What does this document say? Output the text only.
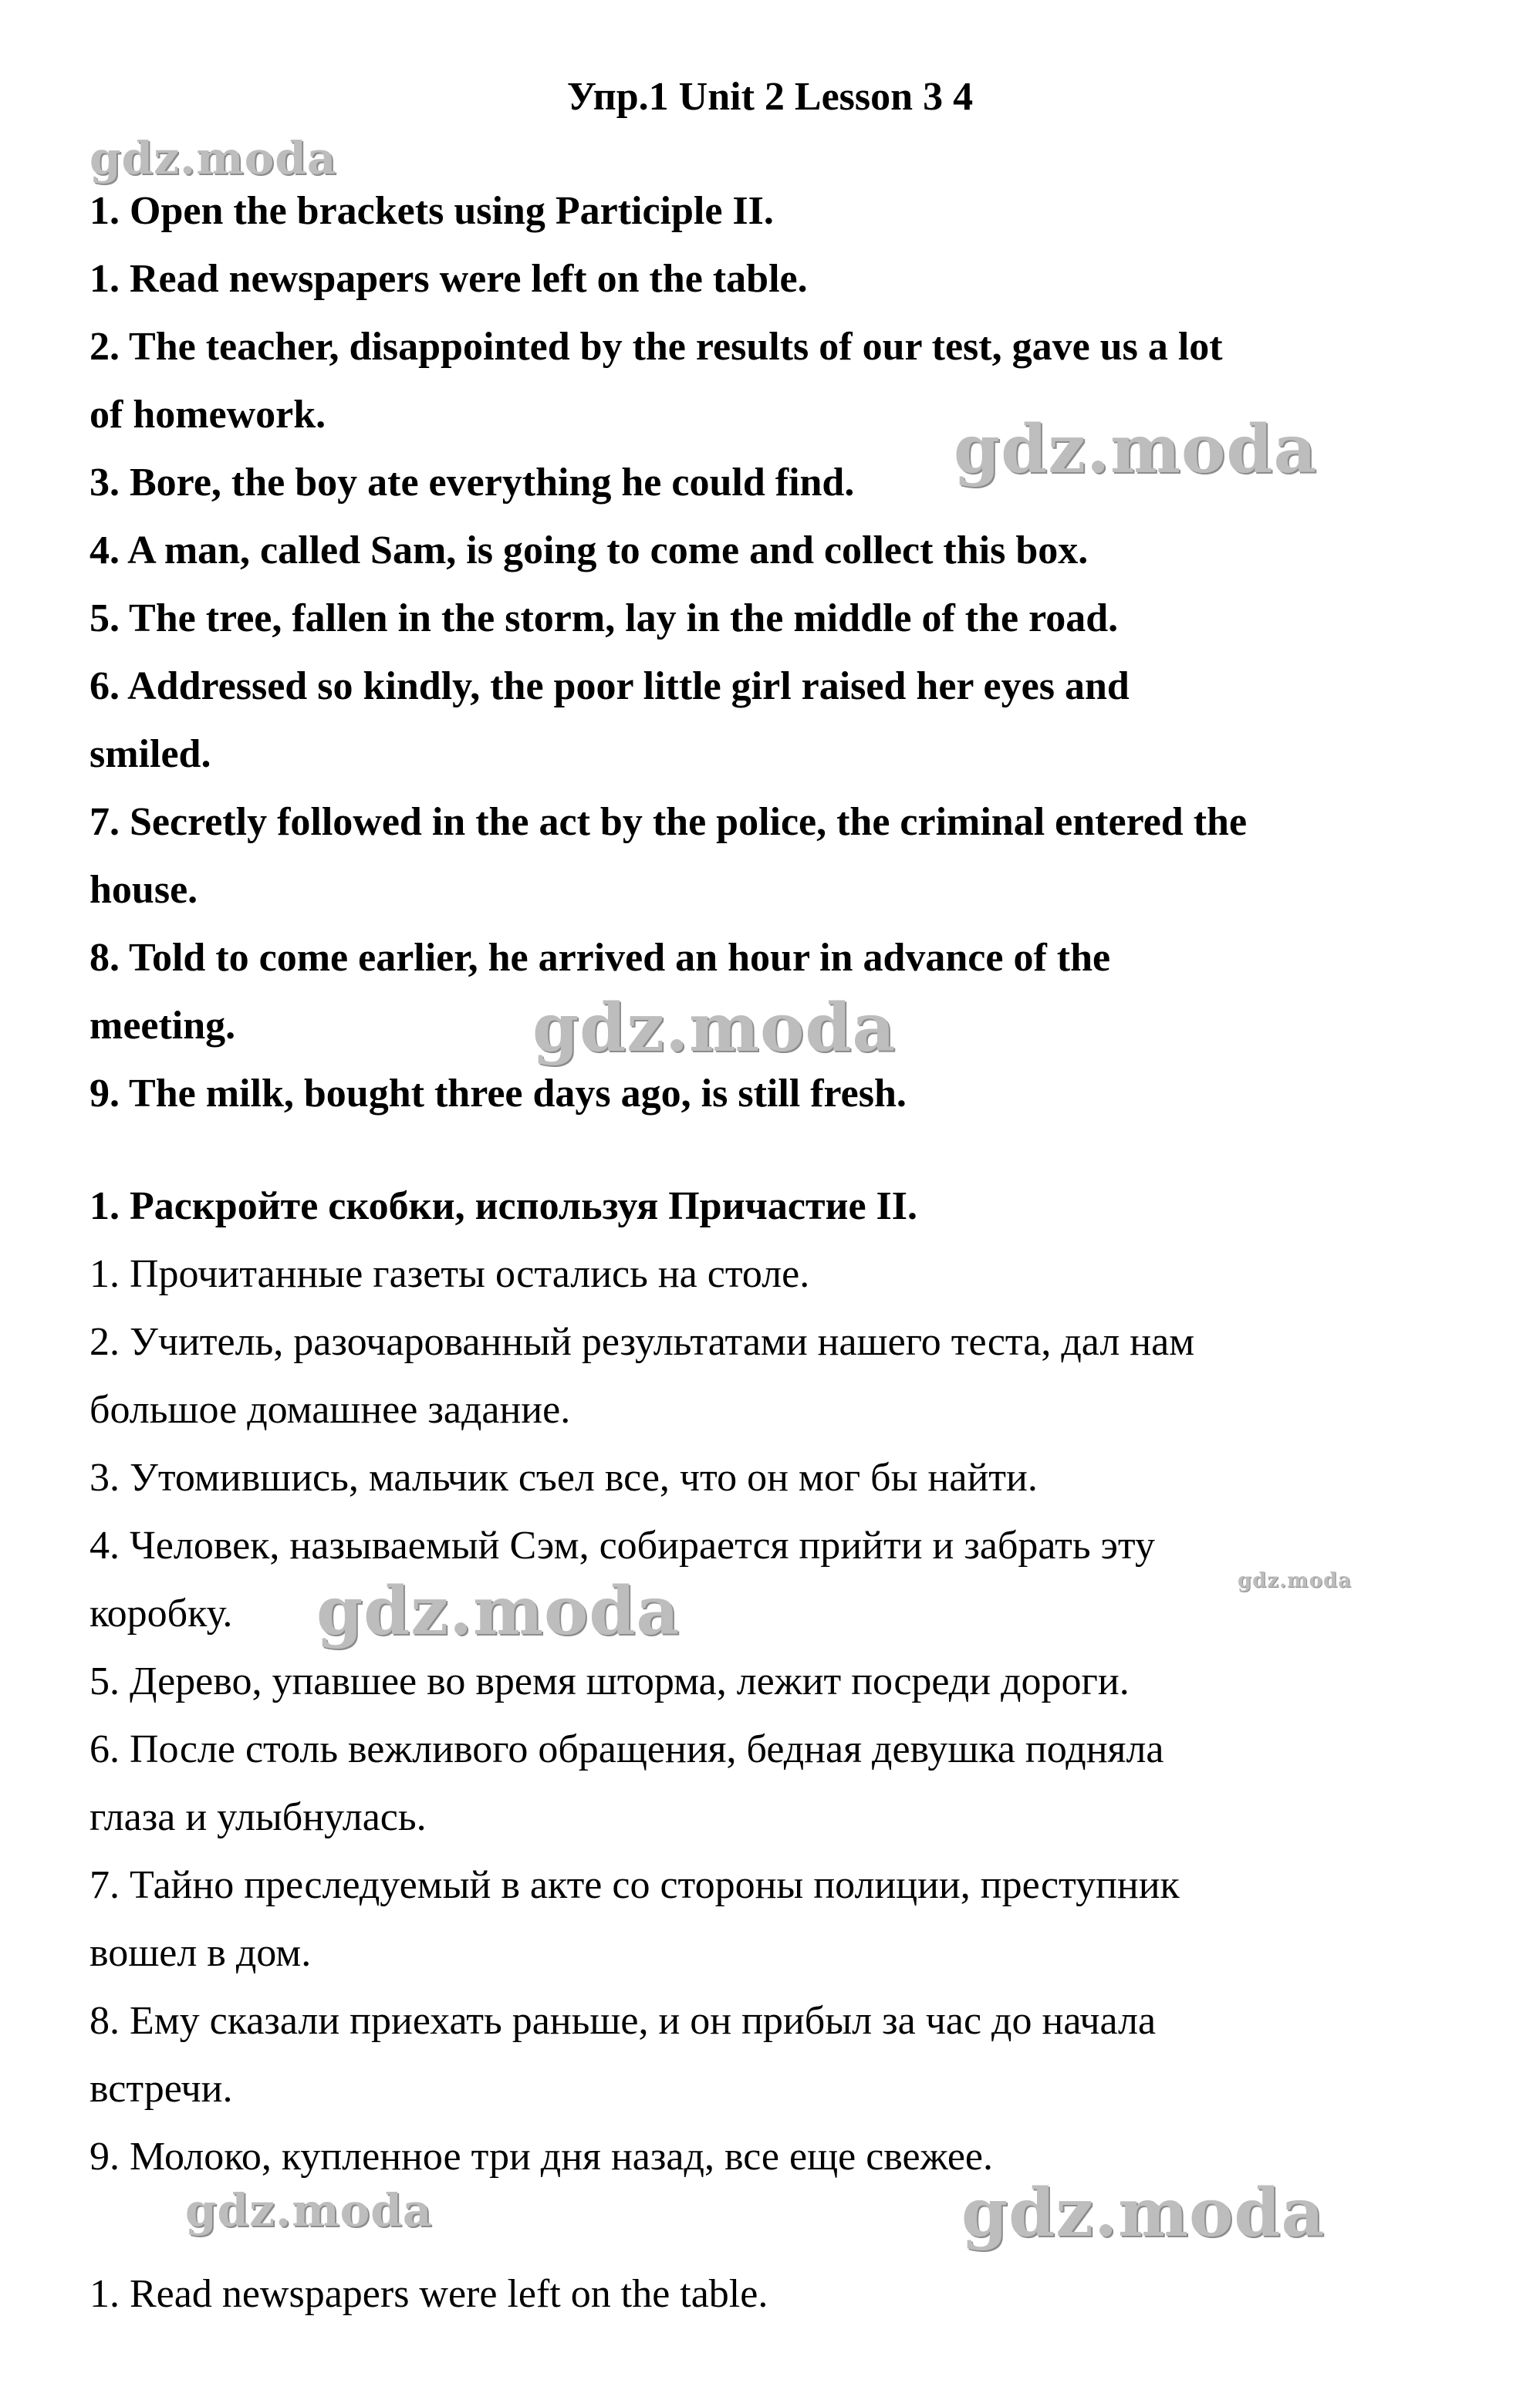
Упр.1 Unit 2 Lesson 3 4

1. Open the brackets using Participle II.

1. Read newspapers were left on the table.

2. The teacher, disappointed by the results of our test, gave us a lot

of homework.

3. Bore, the boy ate everything he could find.

4. A man, called Sam, is going to come and collect this box.

5. The tree, fallen in the storm, lay in the middle of the road.

6. Addressed so kindly, the poor little girl raised her eyes and

smiled.

7. Secretly followed in the act by the police, the criminal entered the

house.

8. Told to come earlier, he arrived an hour in advance of the

meeting.

9. The milk, bought three days ago, is still fresh.

1. Раскройте скобки, используя Причастие II.

1. Прочитанные газеты остались на столе.

2. Учитель, разочарованный результатами нашего теста, дал нам

большое домашнее задание.

3. Утомившись, мальчик съел все, что он мог бы найти.

4. Человек, называемый Сэм, собирается прийти и забрать эту

коробку.

5. Дерево, упавшее во время шторма, лежит посреди дороги.

6. После столь вежливого обращения, бедная девушка подняла

глаза и улыбнулась.

7. Тайно преследуемый в акте со стороны полиции, преступник

вошел в дом.

8. Ему сказали приехать раньше, и он прибыл за час до начала

встречи.

9. Молоко, купленное три дня назад, все еще свежее.

1. Read newspapers were left on the table.

gdz.moda
gdz.moda
gdz.moda
gdz.moda
gdz.moda
gdz.moda	gdz.moda
